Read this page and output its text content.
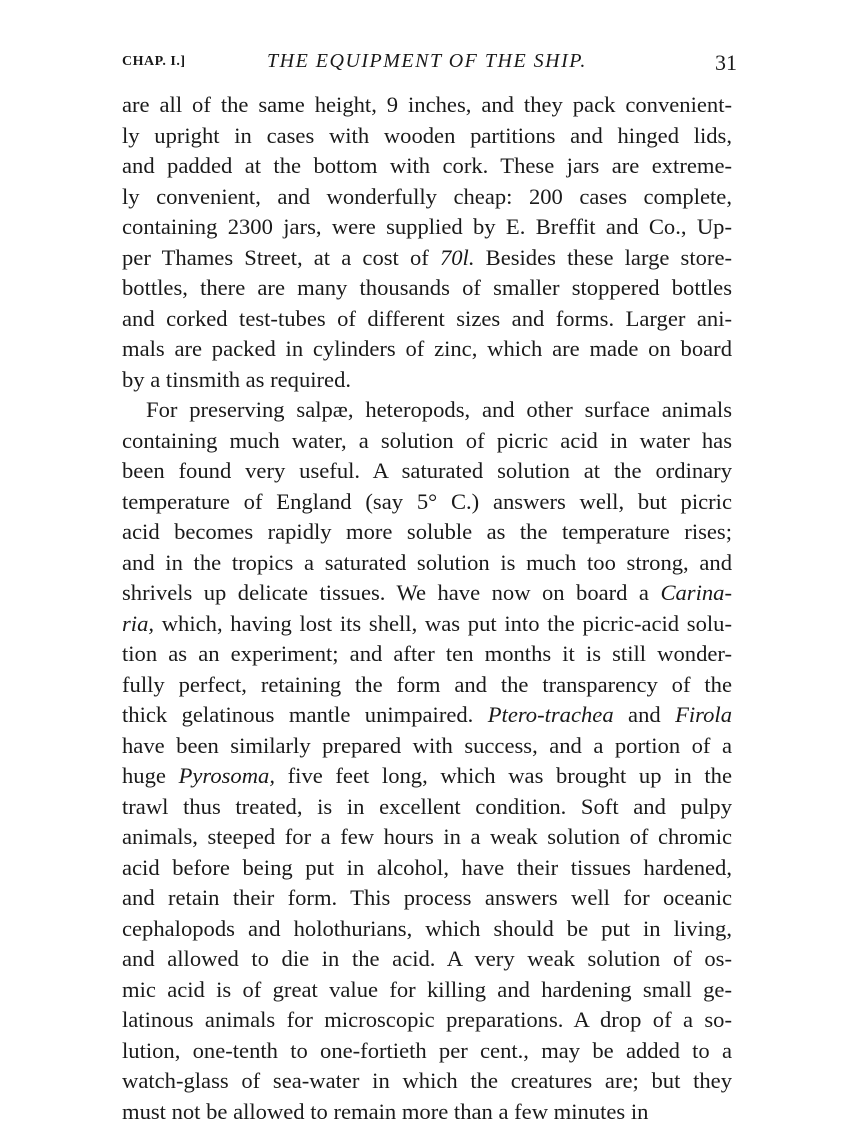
CHAP. I.]	THE EQUIPMENT OF THE SHIP.	31
are all of the same height, 9 inches, and they pack convenient-
ly upright in cases with wooden partitions and hinged lids,
and padded at the bottom with cork. These jars are extreme-
ly convenient, and wonderfully cheap: 200 cases complete,
containing 2300 jars, were supplied by E. Breffit and Co., Up-
per Thames Street, at a cost of 70l. Besides these large store-
bottles, there are many thousands of smaller stoppered bottles
and corked test-tubes of different sizes and forms. Larger ani-
mals are packed in cylinders of zinc, which are made on board
by a tinsmith as required.
For preserving salpæ, heteropods, and other surface animals
containing much water, a solution of picric acid in water has
been found very useful. A saturated solution at the ordinary
temperature of England (say 5° C.) answers well, but picric
acid becomes rapidly more soluble as the temperature rises;
and in the tropics a saturated solution is much too strong, and
shrivels up delicate tissues. We have now on board a Carina-
ria, which, having lost its shell, was put into the picric-acid solu-
tion as an experiment; and after ten months it is still wonder-
fully perfect, retaining the form and the transparency of the
thick gelatinous mantle unimpaired. Ptero-trachea and Firola
have been similarly prepared with success, and a portion of a
huge Pyrosoma, five feet long, which was brought up in the
trawl thus treated, is in excellent condition. Soft and pulpy
animals, steeped for a few hours in a weak solution of chromic
acid before being put in alcohol, have their tissues hardened,
and retain their form. This process answers well for oceanic
cephalopods and holothurians, which should be put in living,
and allowed to die in the acid. A very weak solution of os-
mic acid is of great value for killing and hardening small ge-
latinous animals for microscopic preparations. A drop of a so-
lution, one-tenth to one-fortieth per cent., may be added to a
watch-glass of sea-water in which the creatures are; but they
must not be allowed to remain more than a few minutes in
